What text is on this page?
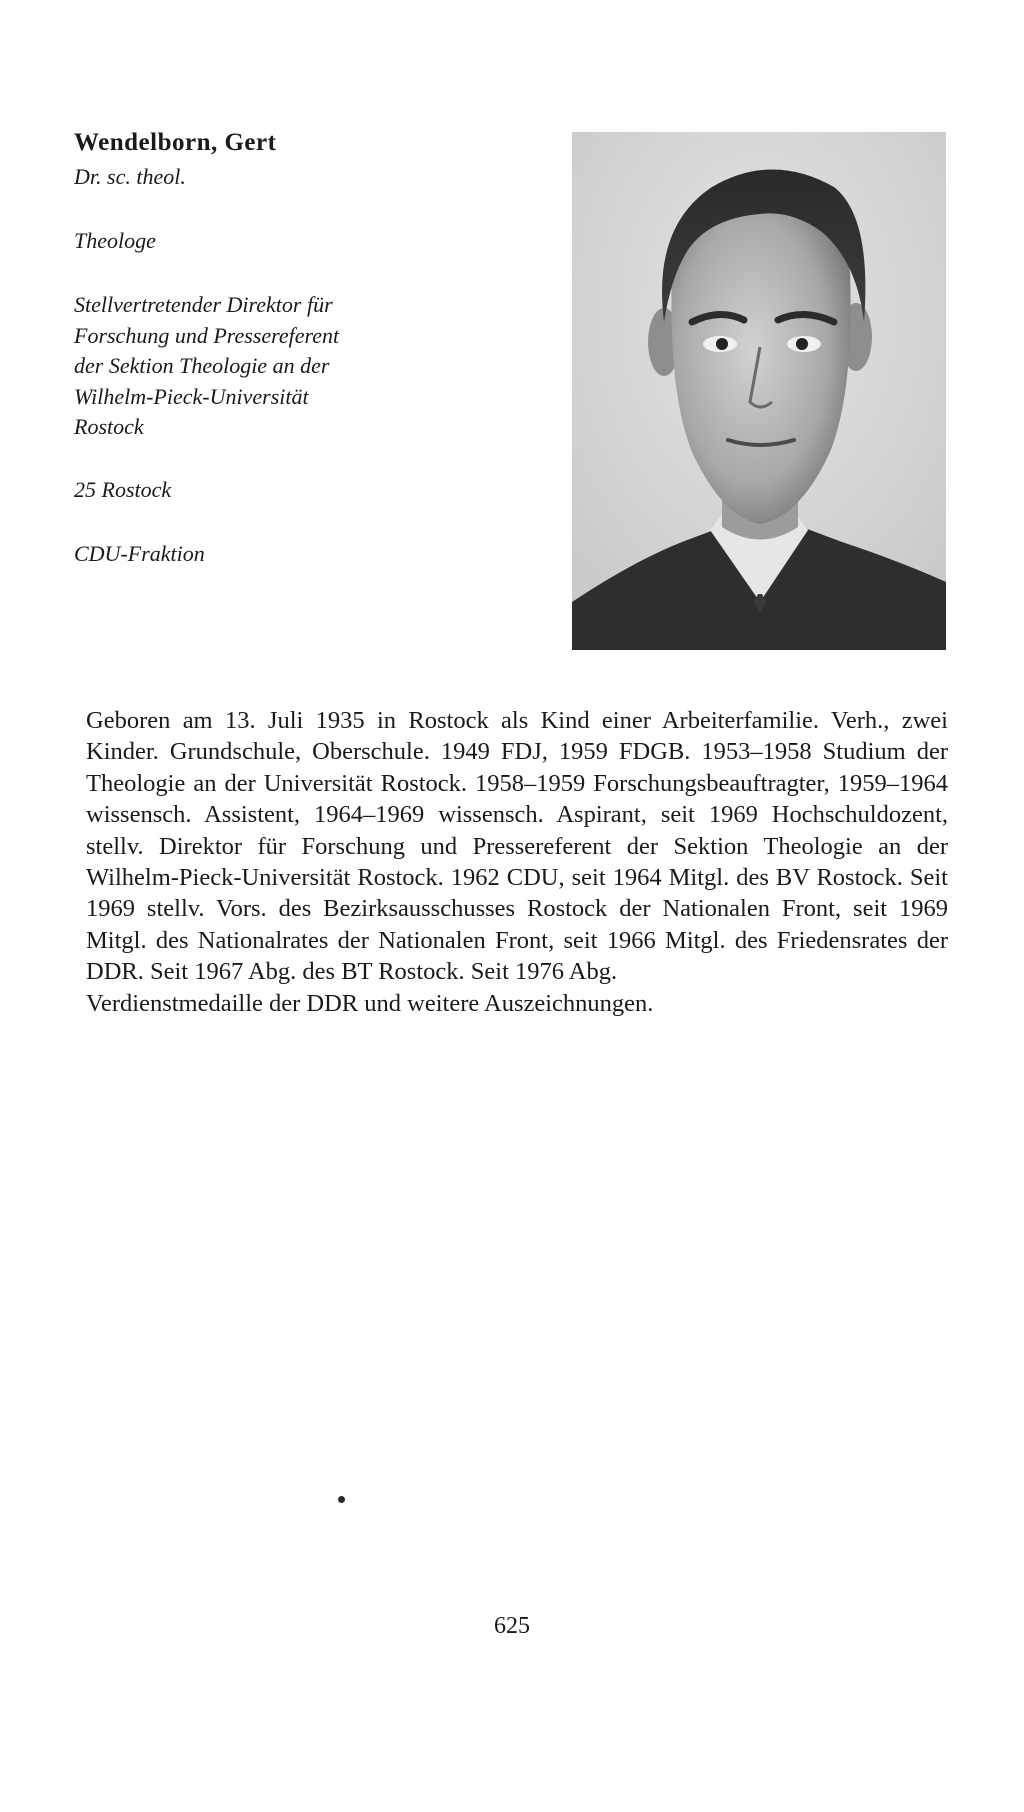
Wendelborn, Gert

Dr. sc. theol.

Theologe

Stellvertretender Direktor für
Forschung und Pressereferent
der Sektion Theologie an der
Wilhelm-Pieck-Universität
Rostock

25 Rostock

CDU-Fraktion

Geboren am 13. Juli 1935 in Rostock als Kind einer Arbeiterfamilie. Verh., zwei Kinder. Grundschule, Oberschule. 1949 FDJ, 1959 FDGB. 1953–1958 Studium der Theologie an der Universität Rostock. 1958–1959 Forschungsbeauftragter, 1959–1964 wissensch. Assistent, 1964–1969 wissensch. Aspirant, seit 1969 Hochschuldozent, stellv. Direktor für Forschung und Pressereferent der Sektion Theologie an der Wilhelm-Pieck-Universität Rostock. 1962 CDU, seit 1964 Mitgl. des BV Rostock. Seit 1969 stellv. Vors. des Bezirksausschusses Rostock der Nationalen Front, seit 1969 Mitgl. des Nationalrates der Nationalen Front, seit 1966 Mitgl. des Friedensrates der DDR. Seit 1967 Abg. des BT Rostock. Seit 1976 Abg.

Verdienstmedaille der DDR und weitere Auszeichnungen.

625
